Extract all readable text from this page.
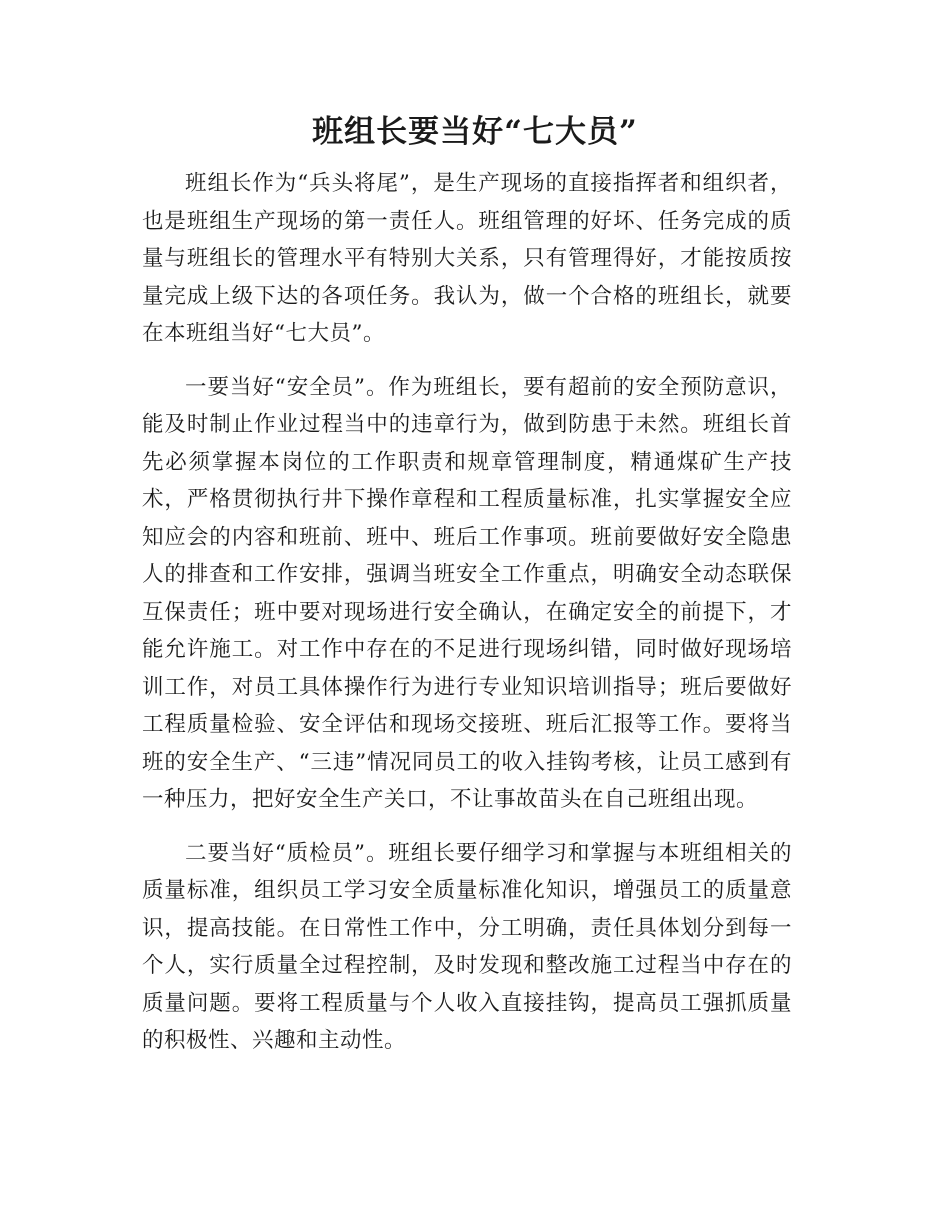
班组长要当好“七大员”

班组长作为“兵头将尾”，是生产现场的直接指挥者和组织者，也是班组生产现场的第一责任人。班组管理的好坏、任务完成的质量与班组长的管理水平有特别大关系，只有管理得好，才能按质按量完成上级下达的各项任务。我认为，做一个合格的班组长，就要在本班组当好“七大员”。

一要当好“安全员”。作为班组长，要有超前的安全预防意识，能及时制止作业过程当中的违章行为，做到防患于未然。班组长首先必须掌握本岗位的工作职责和规章管理制度，精通煤矿生产技术，严格贯彻执行井下操作章程和工程质量标准，扎实掌握安全应知应会的内容和班前、班中、班后工作事项。班前要做好安全隐患人的排查和工作安排，强调当班安全工作重点，明确安全动态联保互保责任；班中要对现场进行安全确认，在确定安全的前提下，才能允许施工。对工作中存在的不足进行现场纠错，同时做好现场培训工作，对员工具体操作行为进行专业知识培训指导；班后要做好工程质量检验、安全评估和现场交接班、班后汇报等工作。要将当班的安全生产、“三违”情况同员工的收入挂钩考核，让员工感到有一种压力，把好安全生产关口，不让事故苗头在自己班组出现。

二要当好“质检员”。班组长要仔细学习和掌握与本班组相关的质量标准，组织员工学习安全质量标准化知识，增强员工的质量意识，提高技能。在日常性工作中，分工明确，责任具体划分到每一个人，实行质量全过程控制，及时发现和整改施工过程当中存在的质量问题。要将工程质量与个人收入直接挂钩，提高员工强抓质量的积极性、兴趣和主动性。
